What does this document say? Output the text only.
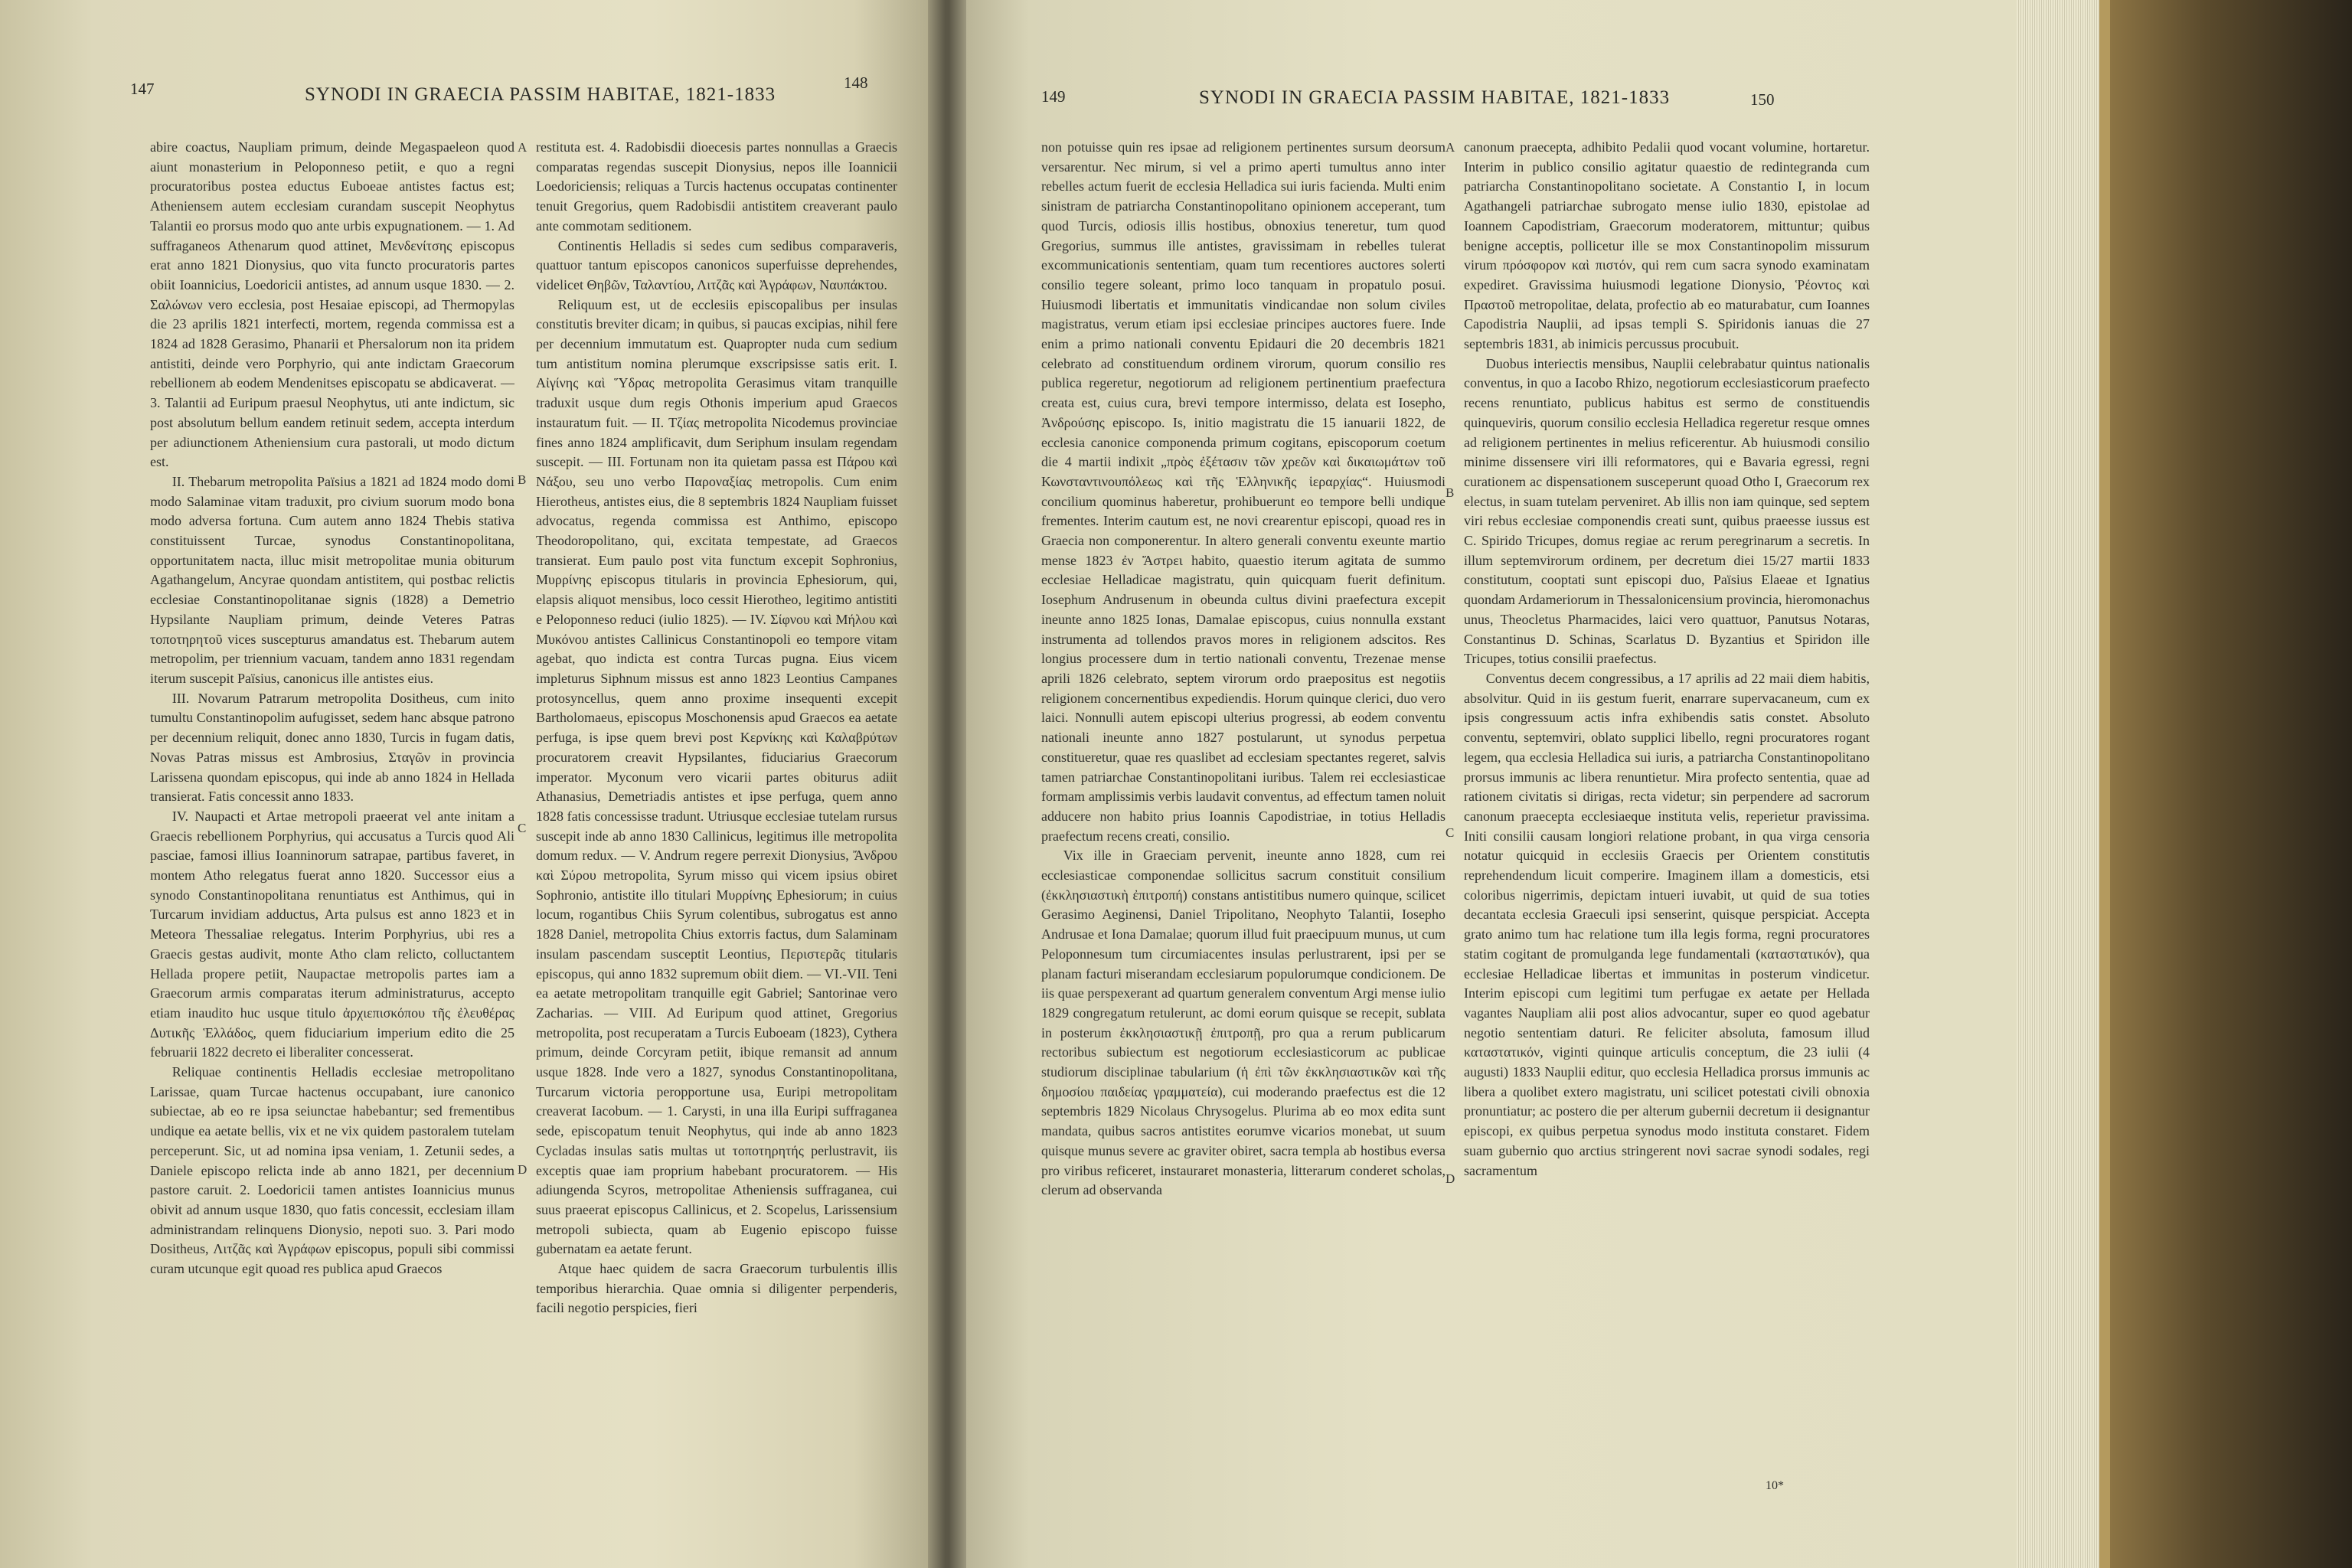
147	SYNODI IN GRAECIA PASSIM HABITAE, 1821-1833
148

abire coactus, Naupliam primum, deinde Megaspaeleon quod aiunt monasterium in Peloponneso petiit, e quo a regni procuratoribus postea eductus Euboeae antistes factus est; Atheniensem autem ecclesiam curandam suscepit Neophytus Talantii eo prorsus modo quo ante urbis expugnationem. — 1. Ad suffraganeos Athenarum quod attinet, Μενδενίτσης episcopus erat anno 1821 Dionysius, quo vita functo procuratoris partes obiit Ioannicius, Loedoricii antistes, ad annum usque 1830. — 2. Σαλώνων vero ecclesia, post Hesaiae episcopi, ad Thermopylas die 23 aprilis 1821 interfecti, mortem, regenda commissa est a 1824 ad 1828 Gerasimo, Phanarii et Phersalorum non ita pridem antistiti, deinde vero Porphyrio, qui ante indictam Graecorum rebellionem ab eodem Mendenitses episcopatu se abdicaverat. — 3. Talantii ad Euripum praesul Neophytus, uti ante indictum, sic post absolutum bellum eandem retinuit sedem, accepta interdum per adiunctionem Atheniensium cura pastorali, ut modo dictum est.

II. Thebarum metropolita Païsius a 1821 ad 1824 modo domi modo Salaminae vitam traduxit, pro civium suorum modo bona modo adversa fortuna. Cum autem anno 1824 Thebis stativa constituissent Turcae, synodus Constantinopolitana, opportunitatem nacta, illuc misit metropolitae munia obiturum Agathangelum, Ancyrae quondam antistitem, qui postbac relictis ecclesiae Constantinopolitanae signis (1828) a Demetrio Hypsilante Naupliam primum, deinde Veteres Patras τοποτηρητοῦ vices suscepturus amandatus est. Thebarum autem metropolim, per triennium vacuam, tandem anno 1831 regendam iterum suscepit Païsius, canonicus ille antistes eius.

III. Novarum Patrarum metropolita Dositheus, cum inito tumultu Constantinopolim aufugisset, sedem hanc absque patrono per decennium reliquit, donec anno 1830, Turcis in fugam datis, Novas Patras missus est Ambrosius, Σταγῶν in provincia Larissena quondam episcopus, qui inde ab anno 1824 in Hellada transierat. Fatis concessit anno 1833.

IV. Naupacti et Artae metropoli praeerat vel ante initam a Graecis rebellionem Porphyrius, qui accusatus a Turcis quod Ali pasciae, famosi illius Ioanninorum satrapae, partibus faveret, in montem Atho relegatus fuerat anno 1820. Successor eius a synodo Constantinopolitana renuntiatus est Anthimus, qui in Turcarum invidiam adductus, Arta pulsus est anno 1823 et in Meteora Thessaliae relegatus. Interim Porphyrius, ubi res a Graecis gestas audivit, monte Atho clam relicto, colluctantem Hellada propere petiit, Naupactae metropolis partes iam a Graecorum armis comparatas iterum administraturus, accepto etiam inaudito huc usque titulo ἀρχιεπισκόπου τῆς ἐλευθέρας Δυτικῆς Ἑλλάδος, quem fiduciarium imperium edito die 25 februarii 1822 decreto ei liberaliter concesserat.

Reliquae continentis Helladis ecclesiae metropolitano Larissae, quam Turcae hactenus occupabant, iure canonico subiectae, ab eo re ipsa seiunctae habebantur; sed frementibus undique ea aetate bellis, vix et ne vix quidem pastoralem tutelam perceperunt. Sic, ut ad nomina ipsa veniam, 1. Zetunii sedes, a Daniele episcopo relicta inde ab anno 1821, per decennium pastore caruit. 2. Loedoricii tamen antistes Ioannicius munus obivit ad annum usque 1830, quo fatis concessit, ecclesiam illam administrandam relinquens Dionysio, nepoti suo. 3. Pari modo Dositheus, Λιτζᾶς καὶ Ἀγράφων episcopus, populi sibi commissi curam utcunque egit quoad res publica apud Graecos

A
B
C
D

restituta est. 4. Radobisdii dioecesis partes nonnullas a Graecis comparatas regendas suscepit Dionysius, nepos ille Ioannicii Loedoriciensis; reliquas a Turcis hactenus occupatas continenter tenuit Gregorius, quem Radobisdii antistitem creaverant paulo ante commotam seditionem.

Continentis Helladis si sedes cum sedibus comparaveris, quattuor tantum episcopos canonicos superfuisse deprehendes, videlicet Θηβῶν, Ταλαντίου, Λιτζᾶς καὶ Ἀγράφων, Ναυπάκτου.

Reliquum est, ut de ecclesiis episcopalibus per insulas constitutis breviter dicam; in quibus, si paucas excipias, nihil fere per decennium immutatum est. Quapropter nuda cum sedium tum antistitum nomina plerumque exscripsisse satis erit. I. Αἰγίνης καὶ Ὕδρας metropolita Gerasimus vitam tranquille traduxit usque dum regis Othonis imperium apud Graecos instauratum fuit. — II. Τζίας metropolita Nicodemus provinciae fines anno 1824 amplificavit, dum Seriphum insulam regendam suscepit. — III. Fortunam non ita quietam passa est Πάρου καὶ Νάξου, seu uno verbo Παροναξίας metropolis. Cum enim Hierotheus, antistes eius, die 8 septembris 1824 Naupliam fuisset advocatus, regenda commissa est Anthimo, episcopo Theodoropolitano, qui, excitata tempestate, ad Graecos transierat. Eum paulo post vita functum excepit Sophronius, Μυρρίνης episcopus titularis in provincia Ephesiorum, qui, elapsis aliquot mensibus, loco cessit Hierotheo, legitimo antistiti e Peloponneso reduci (iulio 1825). — IV. Σίφνου καὶ Μήλου καὶ Μυκόνου antistes Callinicus Constantinopoli eo tempore vitam agebat, quo indicta est contra Turcas pugna. Eius vicem impleturus Siphnum missus est anno 1823 Leontius Campanes protosyncellus, quem anno proxime insequenti excepit Bartholomaeus, episcopus Moschonensis apud Graecos ea aetate perfuga, is ipse quem brevi post Κερνίκης καὶ Καλαβρύτων procuratorem creavit Hypsilantes, fiduciarius Graecorum imperator. Myconum vero vicarii partes obiturus adiit Athanasius, Demetriadis antistes et ipse perfuga, quem anno 1828 fatis concessisse tradunt. Utriusque ecclesiae tutelam rursus suscepit inde ab anno 1830 Callinicus, legitimus ille metropolita domum redux. — V. Andrum regere perrexit Dionysius, Ἄνδρου καὶ Σύρου metropolita, Syrum misso qui vicem ipsius obiret Sophronio, antistite illo titulari Μυρρίνης Ephesiorum; in cuius locum, rogantibus Chiis Syrum colentibus, subrogatus est anno 1828 Daniel, metropolita Chius extorris factus, dum Salaminam insulam pascendam susceptit Leontius, Περιστερᾶς titularis episcopus, qui anno 1832 supremum obiit diem. — VI.-VII. Teni ea aetate metropolitam tranquille egit Gabriel; Santorinae vero Zacharias. — VIII. Ad Euripum quod attinet, Gregorius metropolita, post recuperatam a Turcis Euboeam (1823), Cythera primum, deinde Corcyram petiit, ibique remansit ad annum usque 1828. Inde vero a 1827, synodus Constantinopolitana, Turcarum victoria peropportune usa, Euripi metropolitam creaverat Iacobum. — 1. Carysti, in una illa Euripi suffraganea sede, episcopatum tenuit Neophytus, qui inde ab anno 1823 Cycladas insulas satis multas ut τοποτηρητής perlustravit, iis exceptis quae iam proprium habebant procuratorem. — His adiungenda Scyros, metropolitae Atheniensis suffraganea, cui suus praeerat episcopus Callinicus, et 2. Scopelus, Larissensium metropoli subiecta, quam ab Eugenio episcopo fuisse gubernatam ea aetate ferunt.

Atque haec quidem de sacra Graecorum turbulentis illis temporibus hierarchia. Quae omnia si diligenter perpenderis, facili negotio perspicies, fieri

149	SYNODI IN GRAECIA PASSIM HABITAE, 1821-1833	150

non potuisse quin res ipsae ad religionem pertinentes sursum deorsum versarentur. Nec mirum, si vel a primo aperti tumultus anno inter rebelles actum fuerit de ecclesia Helladica sui iuris facienda. Multi enim sinistram de patriarcha Constantinopolitano opinionem acceperant, tum quod Turcis, odiosis illis hostibus, obnoxius teneretur, tum quod Gregorius, summus ille antistes, gravissimam in rebelles tulerat excommunicationis sententiam, quam tum recentiores auctores solerti consilio tegere soleant, primo loco tanquam in propatulo posui. Huiusmodi libertatis et immunitatis vindicandae non solum civiles magistratus, verum etiam ipsi ecclesiae principes auctores fuere. Inde enim a primo nationali conventu Epidauri die 20 decembris 1821 celebrato ad constituendum ordinem virorum, quorum consilio res publica regeretur, negotiorum ad religionem pertinentium praefectura creata est, cuius cura, brevi tempore intermisso, delata est Iosepho, Ἀνδρούσης episcopo. Is, initio magistratu die 15 ianuarii 1822, de ecclesia canonice componenda primum cogitans, episcoporum coetum die 4 martii indixit „πρὸς ἐξέτασιν τῶν χρεῶν καὶ δικαιωμάτων τοῦ Κωνσταντινουπόλεως καὶ τῆς Ἑλληνικῆς ἱεραρχίας“. Huiusmodi concilium quominus haberetur, prohibuerunt eo tempore belli undique frementes. Interim cautum est, ne novi crearentur episcopi, quoad res in Graecia non componerentur. In altero generali conventu exeunte martio mense 1823 ἐν Ἄστρει habito, quaestio iterum agitata de summo ecclesiae Helladicae magistratu, quin quicquam fuerit definitum. Iosephum Andrusenum in obeunda cultus divini praefectura excepit ineunte anno 1825 Ionas, Damalae episcopus, cuius nonnulla exstant instrumenta ad tollendos pravos mores in religionem adscitos. Res longius processere dum in tertio nationali conventu, Trezenae mense aprili 1826 celebrato, septem virorum ordo praepositus est negotiis religionem concernentibus expediendis. Horum quinque clerici, duo vero laici. Nonnulli autem episcopi ulterius progressi, ab eodem conventu nationali ineunte anno 1827 postularunt, ut synodus perpetua constitueretur, quae res quaslibet ad ecclesiam spectantes regeret, salvis tamen patriarchae Constantinopolitani iuribus. Talem rei ecclesiasticae formam amplissimis verbis laudavit conventus, ad effectum tamen noluit adducere non habito prius Ioannis Capodistriae, in totius Helladis praefectum recens creati, consilio.

Vix ille in Graeciam pervenit, ineunte anno 1828, cum rei ecclesiasticae componendae sollicitus sacrum constituit consilium (ἐκκλησιαστικὴ ἐπιτροπή) constans antistitibus numero quinque, scilicet Gerasimo Aeginensi, Daniel Tripolitano, Neophyto Talantii, Iosepho Andrusae et Iona Damalae; quorum illud fuit praecipuum munus, ut cum Peloponnesum tum circumiacentes insulas perlustrarent, ipsi per se planam facturi miserandam ecclesiarum populorumque condicionem. De iis quae perspexerant ad quartum generalem conventum Argi mense iulio 1829 congregatum retulerunt, ac domi eorum quisque se recepit, sublata in posterum ἐκκλησιαστικῇ ἐπιτροπῇ, pro qua a rerum publicarum rectoribus subiectum est negotiorum ecclesiasticorum ac publicae studiorum disciplinae tabularium (ἡ ἐπὶ τῶν ἐκκλησιαστικῶν καὶ τῆς δημοσίου παιδείας γραμματεία), cui moderando praefectus est die 12 septembris 1829 Nicolaus Chrysogelus. Plurima ab eo mox edita sunt mandata, quibus sacros antistites eorumve vicarios monebat, ut suum quisque munus severe ac graviter obiret, sacra templa ab hostibus eversa pro viribus reficeret, instauraret monasteria, litterarum conderet scholas, clerum ad observanda

A
B
C
D

canonum praecepta, adhibito Pedalii quod vocant volumine, hortaretur. Interim in publico consilio agitatur quaestio de redintegranda cum patriarcha Constantinopolitano societate. A Constantio I, in locum Agathangeli patriarchae subrogato mense iulio 1830, epistolae ad Ioannem Capodistriam, Graecorum moderatorem, mittuntur; quibus benigne acceptis, pollicetur ille se mox Constantinopolim missurum virum πρόσφορον καὶ πιστόν, qui rem cum sacra synodo examinatam expediret. Gravissima huiusmodi legatione Dionysio, Ῥέοντος καὶ Πραστοῦ metropolitae, delata, profectio ab eo maturabatur, cum Ioannes Capodistria Nauplii, ad ipsas templi S. Spiridonis ianuas die 27 septembris 1831, ab inimicis percussus procubuit.

Duobus interiectis mensibus, Nauplii celebrabatur quintus nationalis conventus, in quo a Iacobo Rhizo, negotiorum ecclesiasticorum praefecto recens renuntiato, publicus habitus est sermo de constituendis quinqueviris, quorum consilio ecclesia Helladica regeretur resque omnes ad religionem pertinentes in melius reficerentur. Ab huiusmodi consilio minime dissensere viri illi reformatores, qui e Bavaria egressi, regni curationem ac dispensationem susceperunt quoad Otho I, Graecorum rex electus, in suam tutelam perveniret. Ab illis non iam quinque, sed septem viri rebus ecclesiae componendis creati sunt, quibus praeesse iussus est C. Spirido Tricupes, domus regiae ac rerum peregrinarum a secretis. In illum septemvirorum ordinem, per decretum diei 15/27 martii 1833 constitutum, cooptati sunt episcopi duo, Païsius Elaeae et Ignatius quondam Ardameriorum in Thessalonicensium provincia, hieromonachus unus, Theocletus Pharmacides, laici vero quattuor, Panutsus Notaras, Constantinus D. Schinas, Scarlatus D. Byzantius et Spiridon ille Tricupes, totius consilii praefectus.

Conventus decem congressibus, a 17 aprilis ad 22 maii diem habitis, absolvitur. Quid in iis gestum fuerit, enarrare supervacaneum, cum ex ipsis congressuum actis infra exhibendis satis constet. Absoluto conventu, septemviri, oblato supplici libello, regni procuratores rogant legem, qua ecclesia Helladica sui iuris, a patriarcha Constantinopolitano prorsus immunis ac libera renuntietur. Mira profecto sententia, quae ad rationem civitatis si dirigas, recta videtur; sin perpendere ad sacrorum canonum praecepta ecclesiaeque instituta velis, reperietur pravissima. Initi consilii causam longiori relatione probant, in qua virga censoria notatur quicquid in ecclesiis Graecis per Orientem constitutis reprehendendum licuit comperire. Imaginem illam a domesticis, etsi coloribus nigerrimis, depictam intueri iuvabit, ut quid de sua toties decantata ecclesia Graeculi ipsi senserint, quisque perspiciat. Accepta grato animo tum hac relatione tum illa legis forma, regni procuratores statim cogitant de promulganda lege fundamentali (καταστατικόν), qua ecclesiae Helladicae libertas et immunitas in posterum vindicetur. Interim episcopi cum legitimi tum perfugae ex aetate per Hellada vagantes Naupliam alii post alios advocantur, super eo quod agebatur negotio sententiam daturi. Re feliciter absoluta, famosum illud καταστατικόν, viginti quinque articulis conceptum, die 23 iulii (4 augusti) 1833 Nauplii editur, quo ecclesia Helladica prorsus immunis ac libera a quolibet extero magistratu, uni scilicet potestati civili obnoxia pronuntiatur; ac postero die per alterum gubernii decretum ii designantur episcopi, ex quibus perpetua synodus modo instituta constaret. Fidem suam gubernio quo arctius stringerent novi sacrae synodi sodales, regi sacramentum

10*
